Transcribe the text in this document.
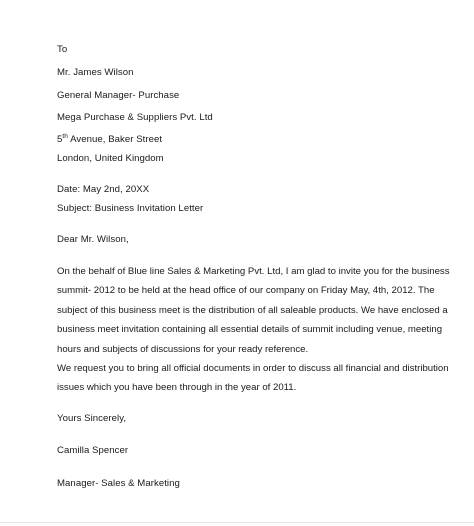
To
Mr. James Wilson
General Manager- Purchase
Mega Purchase & Suppliers Pvt. Ltd
5th Avenue, Baker Street
London, United Kingdom
Date: May 2nd, 20XX
Subject: Business Invitation Letter
Dear Mr. Wilson,
On the behalf of Blue line Sales & Marketing Pvt. Ltd, I am glad to invite you for the business
summit- 2012 to be held at the head office of our company on Friday May, 4th, 2012. The
subject of this business meet is the distribution of all saleable products. We have enclosed a
business meet invitation containing all essential details of summit including venue, meeting
hours and subjects of discussions for your ready reference.
We request you to bring all official documents in order to discuss all financial and distribution
issues which you have been through in the year of 2011.
Yours Sincerely,
Camilla Spencer
Manager- Sales & Marketing
